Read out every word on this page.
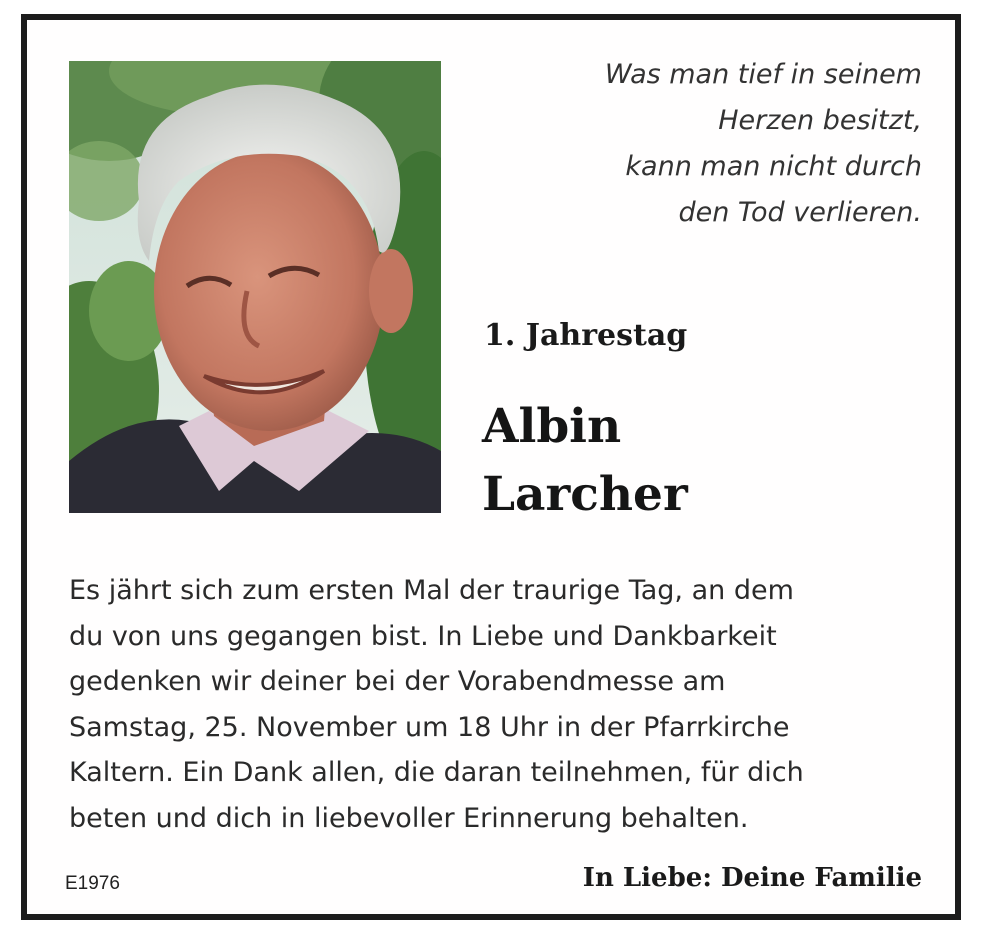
Was man tief in seinem
Herzen besitzt,
kann man nicht durch
den Tod verlieren.
1. Jahrestag
Albin
Larcher
Es jährt sich zum ersten Mal der traurige Tag, an dem
du von uns gegangen bist. In Liebe und Dankbarkeit
gedenken wir deiner bei der Vorabendmesse am
Samstag, 25. November um 18 Uhr in der Pfarrkirche
Kaltern. Ein Dank allen, die daran teilnehmen, für dich
beten und dich in liebevoller Erinnerung behalten.
E1976	In Liebe: Deine Familie
